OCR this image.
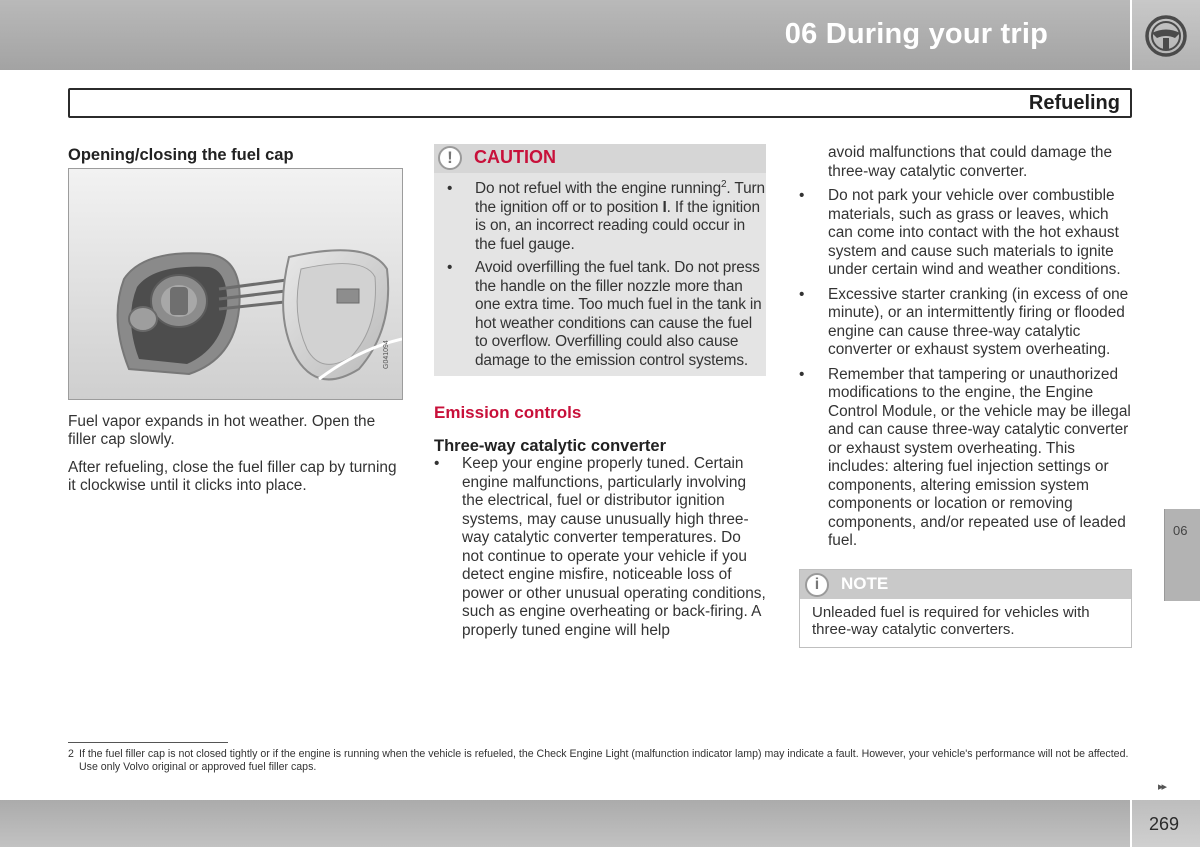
06 During your trip
Refueling
Opening/closing the fuel cap
G041094

Fuel vapor expands in hot weather. Open the filler cap slowly.

After refueling, close the fuel filler cap by turning it clockwise until it clicks into place.

!	CAUTION
• Do not refuel with the engine running$^2$. Turn the ignition off or to position I. If the ignition is on, an incorrect reading could occur in the fuel gauge.
• Avoid overfilling the fuel tank. Do not press the handle on the filler nozzle more than one extra time. Too much fuel in the tank in hot weather conditions can cause the fuel to overflow. Overfilling could also cause damage to the emission control systems.
Emission controls
Three-way catalytic converter
• Keep your engine properly tuned. Certain engine malfunctions, particularly involving the electrical, fuel or distributor ignition systems, may cause unusually high three-way catalytic converter temperatures. Do not continue to operate your vehicle if you detect engine misfire, noticeable loss of power or other unusual operating conditions, such as engine overheating or back-firing. A properly tuned engine will help

avoid malfunctions that could damage the three-way catalytic converter.

• Do not park your vehicle over combustible materials, such as grass or leaves, which can come into contact with the hot exhaust system and cause such materials to ignite under certain wind and weather conditions.
• Excessive starter cranking (in excess of one minute), or an intermittently firing or flooded engine can cause three-way catalytic converter or exhaust system overheating.
• Remember that tampering or unauthorized modifications to the engine, the Engine Control Module, or the vehicle may be illegal and can cause three-way catalytic converter or exhaust system overheating. This includes: altering fuel injection settings or components, altering emission system components or location or removing components, and/or repeated use of leaded fuel.
i	NOTE
Unleaded fuel is required for vehicles with three-way catalytic converters.
06
2 If the fuel filler cap is not closed tightly or if the engine is running when the vehicle is refueled, the Check Engine Light (malfunction indicator lamp) may indicate a fault. However, your vehicle's performance will not be affected. Use only Volvo original or approved fuel filler caps.
▸▸
269
